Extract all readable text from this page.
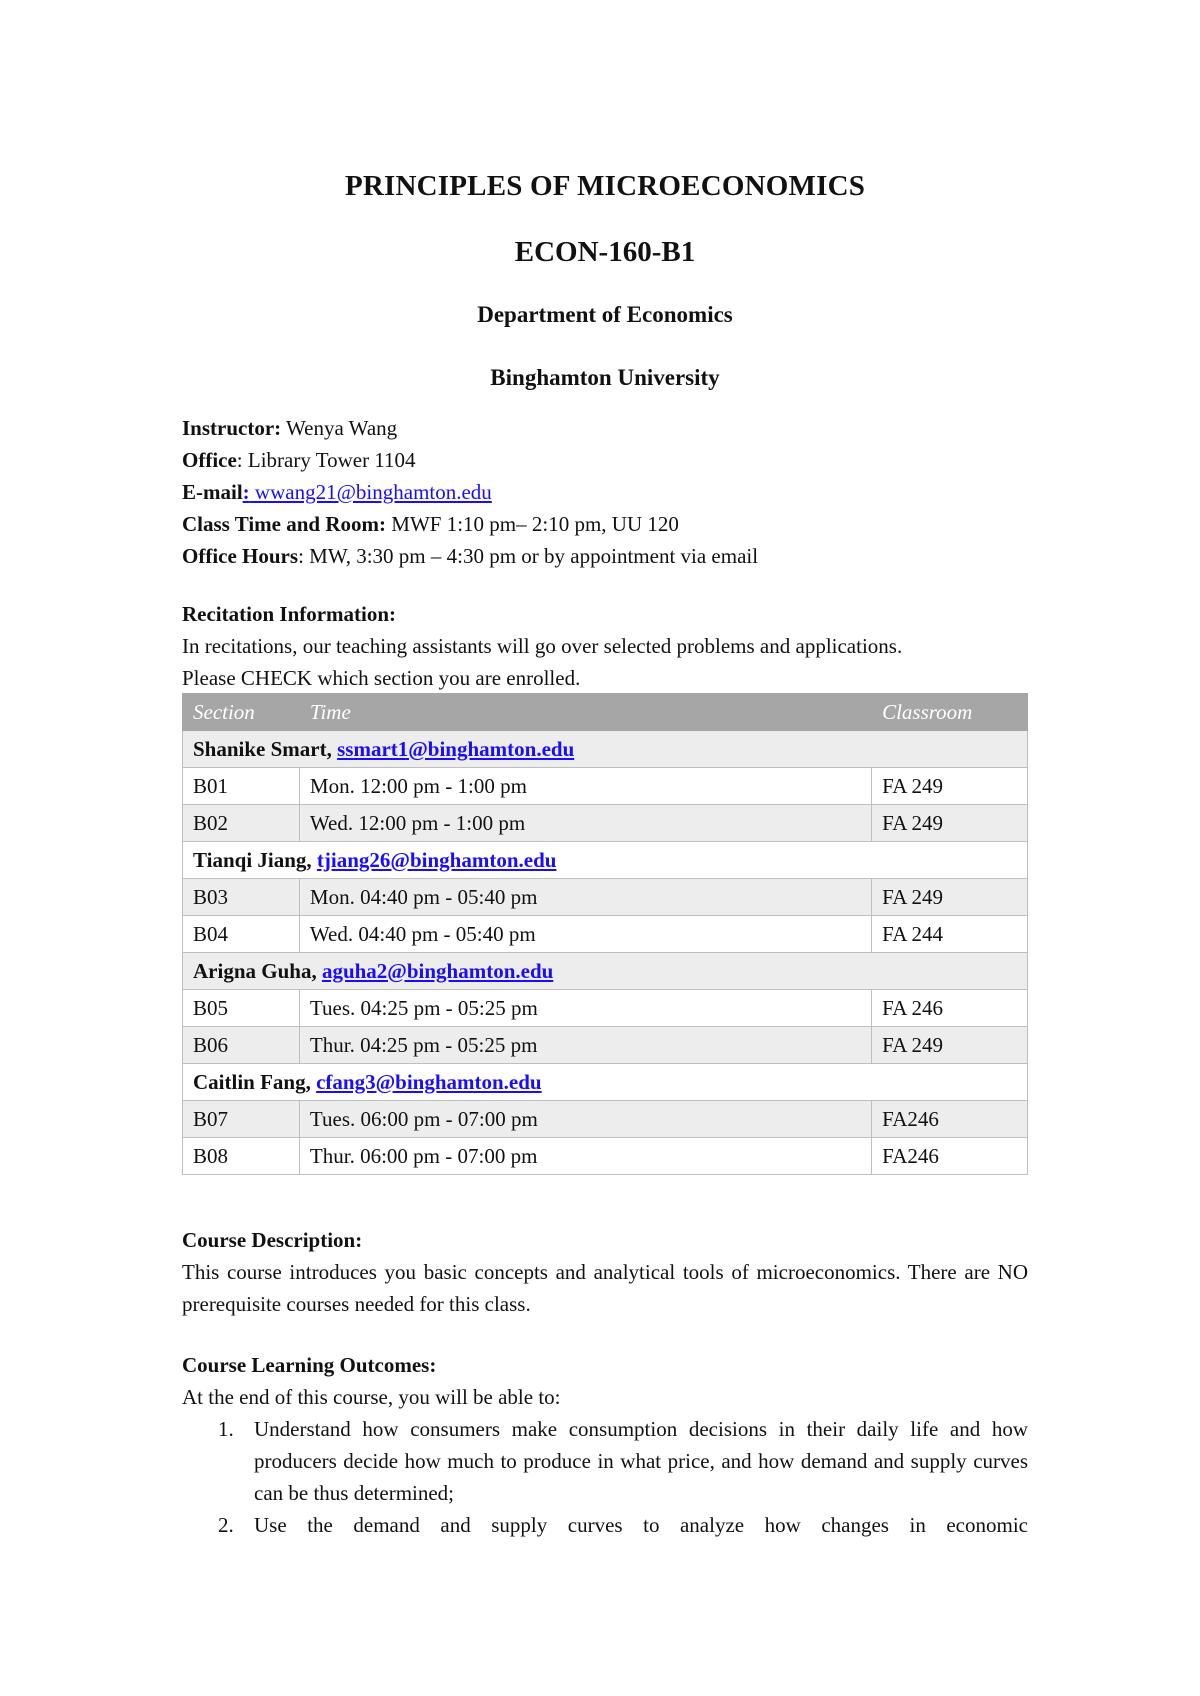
PRINCIPLES OF MICROECONOMICS
ECON-160-B1
Department of Economics
Binghamton University
Instructor: Wenya Wang
Office: Library Tower 1104
E-mail: wwang21@binghamton.edu
Class Time and Room: MWF 1:10 pm– 2:10 pm, UU 120
Office Hours: MW, 3:30 pm – 4:30 pm or by appointment via email
Recitation Information:
In recitations, our teaching assistants will go over selected problems and applications.
Please CHECK which section you are enrolled.
Section	Time	Classroom
Shanike Smart, ssmart1@binghamton.edu		
B01	Mon. 12:00 pm - 1:00 pm	FA 249
B02	Wed. 12:00 pm - 1:00 pm	FA 249
Tianqi Jiang, tjiang26@binghamton.edu		
B03	Mon. 04:40 pm - 05:40 pm	FA 249
B04	Wed. 04:40 pm - 05:40 pm	FA 244
Arigna Guha, aguha2@binghamton.edu		
B05	Tues. 04:25 pm - 05:25 pm	FA 246
B06	Thur. 04:25 pm - 05:25 pm	FA 249
Caitlin Fang, cfang3@binghamton.edu		
B07	Tues. 06:00 pm - 07:00 pm	FA246
B08	Thur. 06:00 pm - 07:00 pm	FA246
Course Description:
This course introduces you basic concepts and analytical tools of microeconomics. There are NO prerequisite courses needed for this class.
Course Learning Outcomes:
At the end of this course, you will be able to:
1. Understand how consumers make consumption decisions in their daily life and how producers decide how much to produce in what price, and how demand and supply curves can be thus determined;
2. Use the demand and supply curves to analyze how changes in economic
